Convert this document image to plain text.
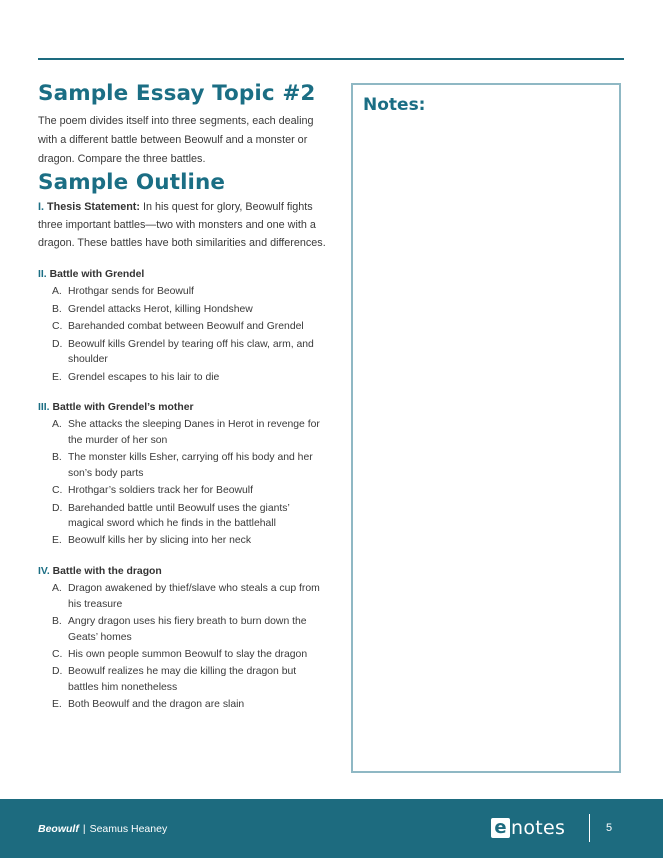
Sample Essay Topic #2

The poem divides itself into three segments, each dealing with a different battle between Beowulf and a monster or dragon. Compare the three battles.

Sample Outline

I. Thesis Statement: In his quest for glory, Beowulf fights three important battles—two with monsters and one with a dragon. These battles have both similarities and differences.

II. Battle with Grendel
A. Hrothgar sends for Beowulf
B. Grendel attacks Herot, killing Hondshew
C. Barehanded combat between Beowulf and Grendel
D. Beowulf kills Grendel by tearing off his claw, arm, and shoulder
E. Grendel escapes to his lair to die
III. Battle with Grendel’s mother
A. She attacks the sleeping Danes in Herot in revenge for the murder of her son
B. The monster kills Esher, carrying off his body and her son’s body parts
C. Hrothgar’s soldiers track her for Beowulf
D. Barehanded battle until Beowulf uses the giants’ magical sword which he finds in the battlehall
E. Beowulf kills her by slicing into her neck
IV. Battle with the dragon
A. Dragon awakened by thief/slave who steals a cup from his treasure
B. Angry dragon uses his fiery breath to burn down the Geats’ homes
C. His own people summon Beowulf to slay the dragon
D. Beowulf realizes he may die killing the dragon but battles him nonetheless
E. Both Beowulf and the dragon are slain
Notes:
Beowulf | Seamus Heaney	e notes	5
